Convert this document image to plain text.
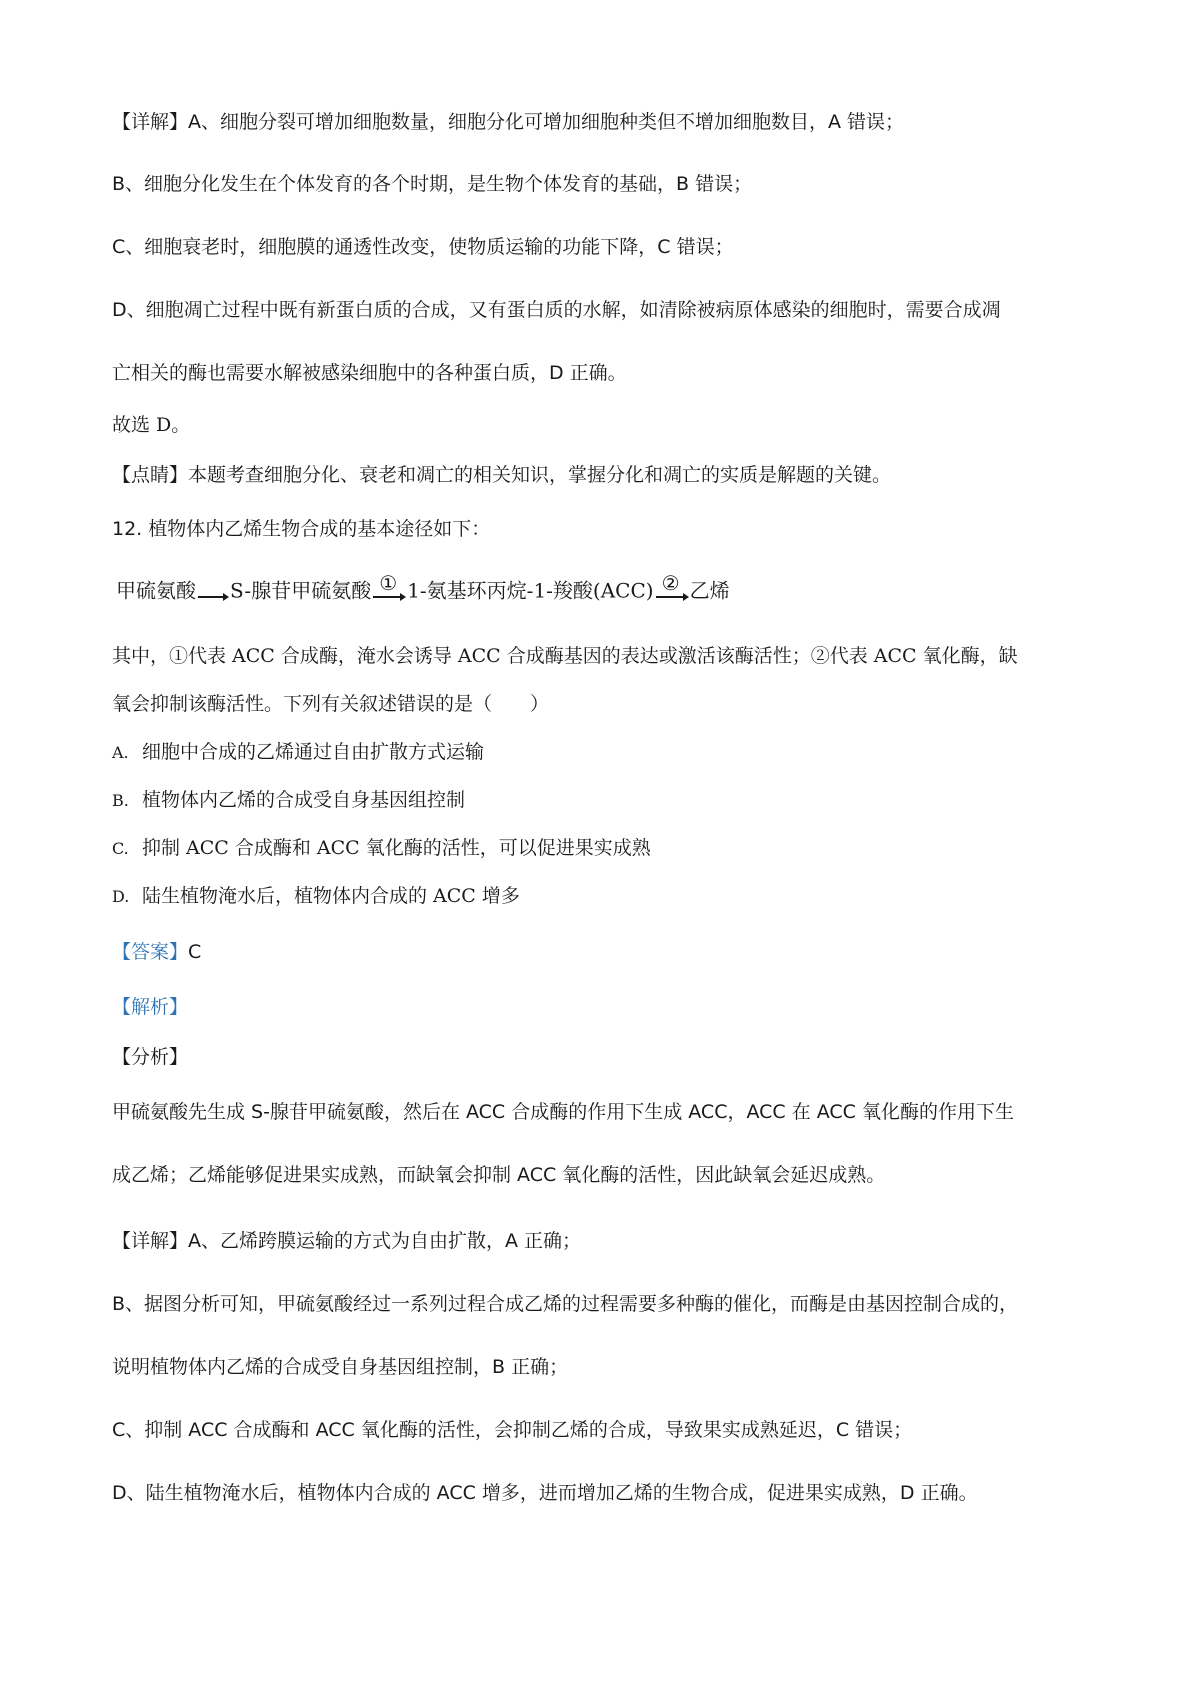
【详解】A、细胞分裂可增加细胞数量，细胞分化可增加细胞种类但不增加细胞数目，A 错误；
B、细胞分化发生在个体发育的各个时期，是生物个体发育的基础，B 错误；
C、细胞衰老时，细胞膜的通透性改变，使物质运输的功能下降，C 错误；
D、细胞凋亡过程中既有新蛋白质的合成，又有蛋白质的水解，如清除被病原体感染的细胞时，需要合成凋
亡相关的酶也需要水解被感染细胞中的各种蛋白质，D 正确。
故选 D。
【点睛】本题考查细胞分化、衰老和凋亡的相关知识，掌握分化和凋亡的实质是解题的关键。
12. 植物体内乙烯生物合成的基本途径如下：
甲硫氨酸 S-腺苷甲硫氨酸 ① 1-氨基环丙烷-1-羧酸(ACC) ② 乙烯
其中，①代表 ACC 合成酶，淹水会诱导 ACC 合成酶基因的表达或激活该酶活性；②代表 ACC 氧化酶，缺
氧会抑制该酶活性。下列有关叙述错误的是（　　）
A. 细胞中合成的乙烯通过自由扩散方式运输
B. 植物体内乙烯的合成受自身基因组控制
C. 抑制 ACC 合成酶和 ACC 氧化酶的活性，可以促进果实成熟
D. 陆生植物淹水后，植物体内合成的 ACC 增多
【答案】C
【解析】
【分析】
甲硫氨酸先生成 S-腺苷甲硫氨酸，然后在 ACC 合成酶的作用下生成 ACC，ACC 在 ACC 氧化酶的作用下生
成乙烯；乙烯能够促进果实成熟，而缺氧会抑制 ACC 氧化酶的活性，因此缺氧会延迟成熟。
【详解】A、乙烯跨膜运输的方式为自由扩散，A 正确；
B、据图分析可知，甲硫氨酸经过一系列过程合成乙烯的过程需要多种酶的催化，而酶是由基因控制合成的，
说明植物体内乙烯的合成受自身基因组控制，B 正确；
C、抑制 ACC 合成酶和 ACC 氧化酶的活性，会抑制乙烯的合成，导致果实成熟延迟，C 错误；
D、陆生植物淹水后，植物体内合成的 ACC 增多，进而增加乙烯的生物合成，促进果实成熟，D 正确。
